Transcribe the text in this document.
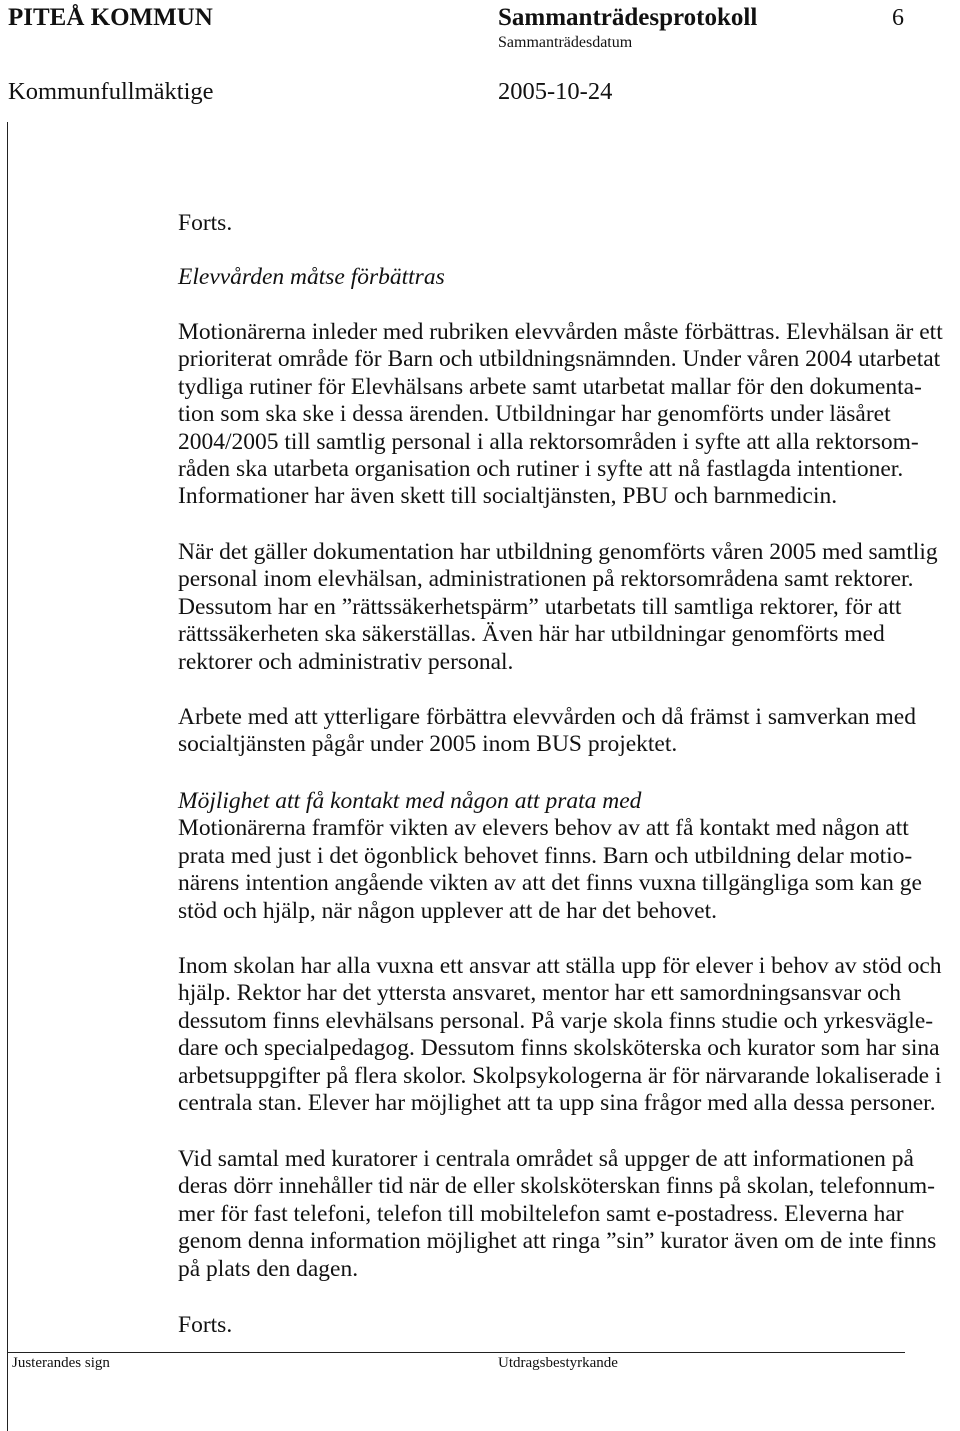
PITEÅ KOMMUN	Sammanträdesprotokoll	6
Sammanträdesdatum
Kommunfullmäktige	2005-10-24
Forts.
Elevvården måtse förbättras
Motionärerna inleder med rubriken elevvården måste förbättras. Elevhälsan är ett
prioriterat område för Barn och utbildningsnämnden. Under våren 2004 utarbetat
tydliga rutiner för Elevhälsans arbete samt utarbetat mallar för den dokumenta-
tion som ska ske i dessa ärenden. Utbildningar har genomförts under läsåret
2004/2005 till samtlig personal i alla rektorsområden i syfte att alla rektorsom-
råden ska utarbeta organisation och rutiner i syfte att nå fastlagda intentioner.
Informationer har även skett till socialtjänsten, PBU och barnmedicin.
När det gäller dokumentation har utbildning genomförts våren 2005 med samtlig
personal inom elevhälsan, administrationen på rektorsområdena samt rektorer.
Dessutom har en ”rättssäkerhetspärm” utarbetats till samtliga rektorer, för att
rättssäkerheten ska säkerställas. Även här har utbildningar genomförts med
rektorer och administrativ personal.
Arbete med att ytterligare förbättra elevvården och då främst i samverkan med
socialtjänsten pågår under 2005 inom BUS projektet.
Möjlighet att få kontakt med någon att prata med
Motionärerna framför vikten av elevers behov av att få kontakt med någon att
prata med just i det ögonblick behovet finns. Barn och utbildning delar motio-
närens intention angående vikten av att det finns vuxna tillgängliga som kan ge
stöd och hjälp, när någon upplever att de har det behovet.
Inom skolan har alla vuxna ett ansvar att ställa upp för elever i behov av stöd och
hjälp. Rektor har det yttersta ansvaret, mentor har ett samordningsansvar och
dessutom finns elevhälsans personal. På varje skola finns studie och yrkesvägle-
dare och specialpedagog. Dessutom finns skolsköterska och kurator som har sina
arbetsuppgifter på flera skolor. Skolpsykologerna är för närvarande lokaliserade i
centrala stan. Elever har möjlighet att ta upp sina frågor med alla dessa personer.
Vid samtal med kuratorer i centrala området så uppger de att informationen på
deras dörr innehåller tid när de eller skolsköterskan finns på skolan, telefonnum-
mer för fast telefoni, telefon till mobiltelefon samt e-postadress. Eleverna har
genom denna information möjlighet att ringa ”sin” kurator även om de inte finns
på plats den dagen.
Forts.
Justerandes sign	Utdragsbestyrkande
